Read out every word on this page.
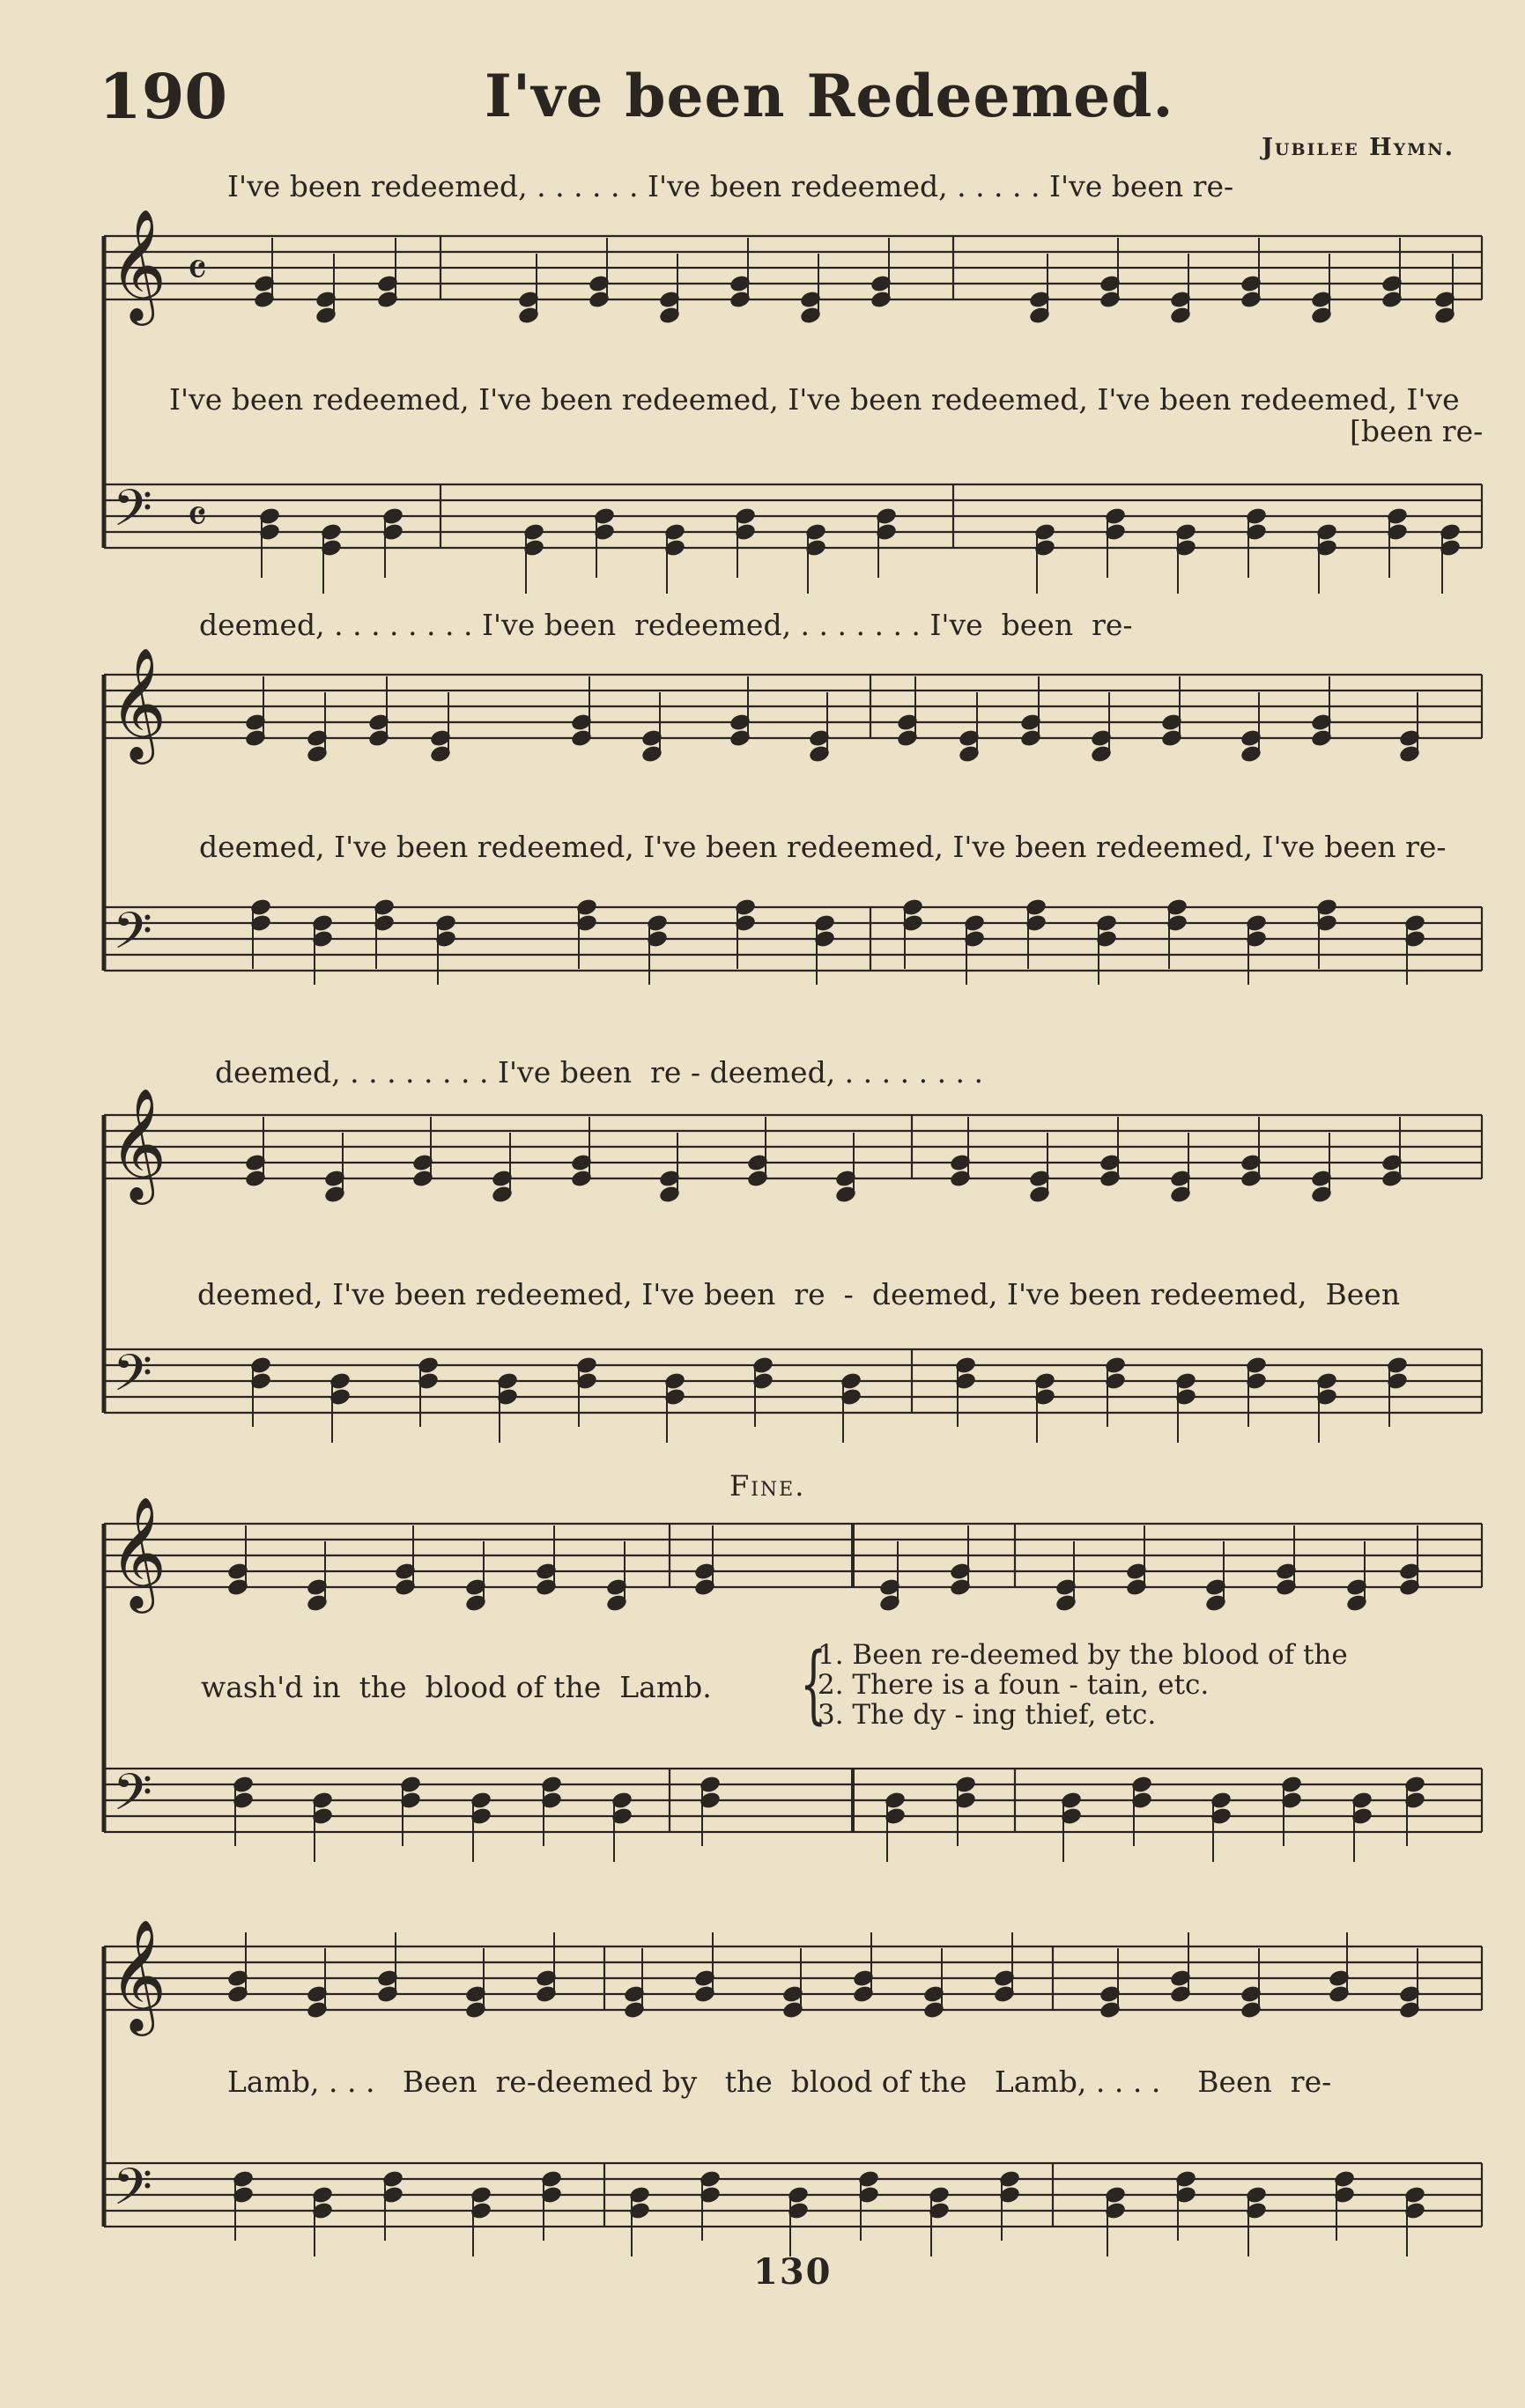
190	I've been Redeemed.
Jubilee Hymn.
𝄞
𝄢
𝄴
𝄴
𝄞
𝄢
𝄞
𝄢
𝄞
𝄢
𝄞
𝄢
I've been redeemed, . . . . . . I've been redeemed, . . . . . I've been re-
I've been redeemed, I've been redeemed, I've been redeemed, I've been redeemed, I've
[been re-
deemed, . . . . . . . . I've been  redeemed, . . . . . . . I've  been  re-
deemed, I've been redeemed, I've been redeemed, I've been redeemed, I've been re-
deemed, . . . . . . . . I've been  re - deemed, . . . . . . . .
deemed, I've been redeemed, I've been  re  -  deemed, I've been redeemed,  Been
Fine.
wash'd in  the  blood of the  Lamb. {
1. Been re-deemed by the blood of the
2. There is a foun - tain, etc.
3. The dy - ing thief, etc.
Lamb, . . .   Been  re-deemed by   the  blood of the   Lamb, . . . .    Been  re-
130
